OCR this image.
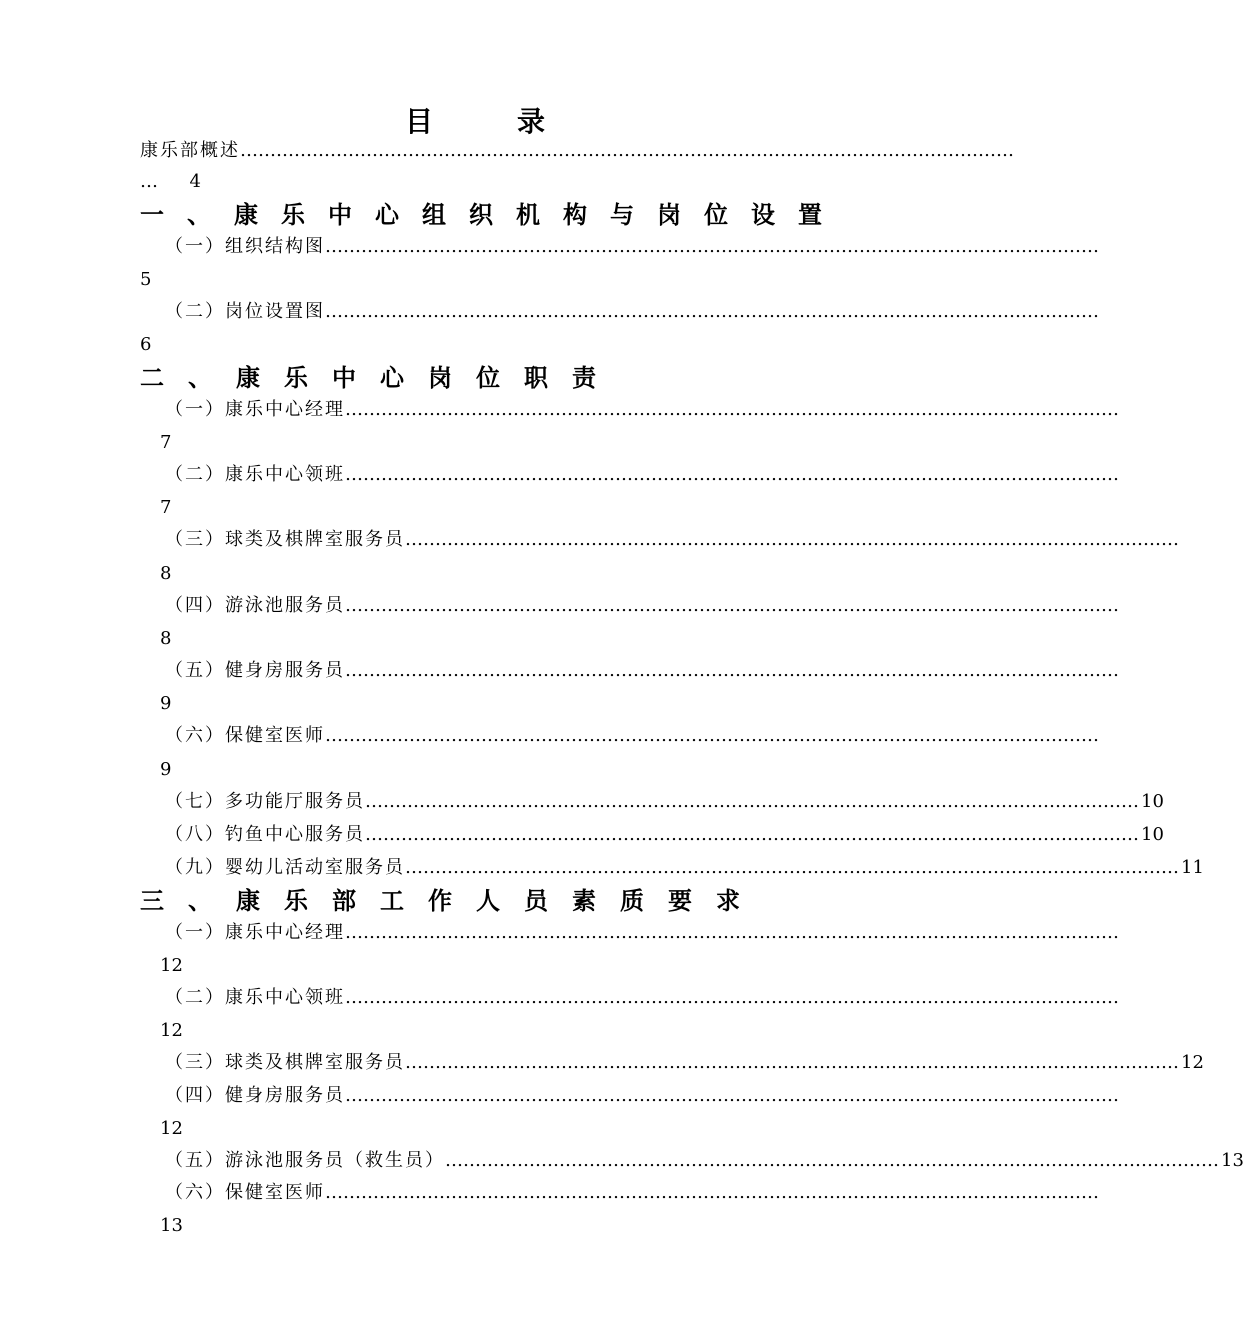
目录
康乐部概述 …………………………………………………………………………………………………………………
… 4
一、康乐中心组织机构与岗位设置
（一）组织结构图 …………………………………………………………………………………………………………………
5
（二）岗位设置图 …………………………………………………………………………………………………………………
6
二、康乐中心岗位职责
（一）康乐中心经理 …………………………………………………………………………………………………………………
7
（二）康乐中心领班 …………………………………………………………………………………………………………………
7
（三）球类及棋牌室服务员 …………………………………………………………………………………………………………………
8
（四）游泳池服务员 …………………………………………………………………………………………………………………
8
（五）健身房服务员 …………………………………………………………………………………………………………………
9
（六）保健室医师 …………………………………………………………………………………………………………………
9
（七）多功能厅服务员 ………………………………………………………………………………………………………………… 10
（八）钓鱼中心服务员 ………………………………………………………………………………………………………………… 10
（九）婴幼儿活动室服务员 ………………………………………………………………………………………………………………… 11
三、康乐部工作人员素质要求
（一）康乐中心经理 …………………………………………………………………………………………………………………
12
（二）康乐中心领班 …………………………………………………………………………………………………………………
12
（三）球类及棋牌室服务员 ………………………………………………………………………………………………………………… 12
（四）健身房服务员 …………………………………………………………………………………………………………………
12
（五）游泳池服务员（救生员） ………………………………………………………………………………………………………………… 13
（六）保健室医师 …………………………………………………………………………………………………………………
13
